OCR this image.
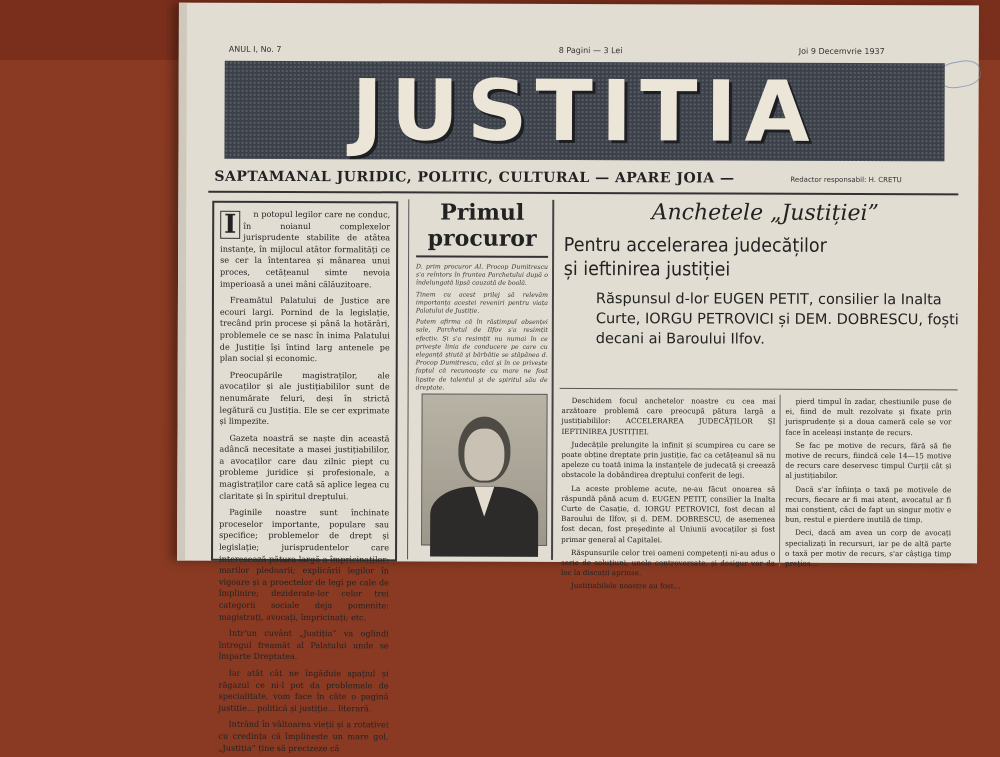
ANUL I, No. 7	8 Pagini — 3 Lei	Joi 9 Decemvrie 1937
JUSTITIA
SAPTAMANAL JURIDIC, POLITIC, CULTURAL — APARE JOIA —	Redactor responsabil: H. CRETU
I	n potopul legilor care ne conduc, în noianul complexelor jurisprudente stabilite de atâtea instanțe, în mijlocul atâtor formalități ce se cer la întentarea și mânarea unui proces, cetățeanul simte nevoia imperioasă a unei mâni călăuzitoare.

Freamătul Palatului de Justice are ecouri largi. Pornind de la legislație, trecând prin procese și până la hotărâri, problemele ce se nasc în inima Palatului de Justiție își întind larg antenele pe plan social și economic.

Preocupările magistraților, ale avocaților și ale justițiabililor sunt de nenumărate feluri, deși în strictă legătură cu Justiția. Ele se cer exprimate și limpezite.

Gazeta noastră se naște din această adâncă necesitate a masei justițiabililor, a avocaților care dau zilnic piept cu probleme juridice și profesionale, a magistraților care cată să aplice legea cu claritate și în spiritul dreptului.

Paginile noastre sunt închinate proceselor importante, populare sau specifice; problemelor de drept și legislație; jurisprudentelor care interesează pătura largă a împricinaților; marilor pledoarii; explicării legilor în vigoare și a proectelor de legi pe cale de împlinire; deziderate-lor celor trei categorii sociale deja pomenite: magistrați, avocați, împricinați; etc.

Intr'un cuvânt „Justiția” va oglindi întregul freamăt al Palatului unde se împarte Dreptatea.

Iar atât cât ne îngăduie spațiul și răgazul ce ni-l pot da problemele de specialitate, vom face în câte o pagină justiție... politică și justiție... literară.

Intrând în vâltoarea vieții și a rotativei cu credința că împlinește un mare gol, „Justiția” ține să precizeze că

Primul procuror

D. prim procuror Al. Procop Dumitrescu s'a reîntors în fruntea Parchetului după o îndelungată lipsă cauzată de boală.

Tinem cu acest prilej să relevăm importanța acestei reveniri pentru viața Palatului de Justiție.

Putem afirma că în răstimpul absenței sale, Parchetul de Ilfov s'a resimțit efectiv. Și s'a resimțit nu numai în ce privește linia de conducere pe care cu eleganță știută și bărbătie se stăpânea d. Procop Dumitrescu, căci și în ce privește faptul că recunoaște cu mare ne fost lipsite de talentul și de spiritul său de dreptate.

Anchetele „Justiției”
Pentru accelerarea judecăților
și ieftinirea justiției
Răspunsul d-lor EUGEN PETIT, consilier la Inalta Curte, IORGU PETROVICI și DEM. DOBRESCU, foști decani ai Baroului Ilfov.

Deschidem focul anchetelor noastre cu cea mai arzătoare problemă care preocupă pătura largă a justițiabililor: ACCELERAREA JUDECĂȚILOR ȘI IEFTINIREA JUSTIȚIEI.

Judecățile prelungite la infinit și scumpirea cu care se poate obține dreptate prin justiție, fac ca cetățeanul să nu apeleze cu toată inima la instanțele de judecată și creează obstacole la dobândirea dreptului conferit de legi.

La aceste probleme acute, ne-au făcut onoarea să răspundă până acum d. EUGEN PETIT, consilier la Inalta Curte de Casație, d. IORGU PETROVICI, fost decan al Baroului de Ilfov, și d. DEM. DOBRESCU, de asemenea fost decan, fost președinte al Uniunii avocaților și fost primar general al Capitalei.

Răspunsurile celor trei oameni competenți ni-au adus o serie de soluțiuni, unele controversate, și desigur vor da loc la discuții aprinse.

Justițiabilele noastre au fost...

pierd timpul în zadar, chestiunile puse de ei, fiind de mult rezolvate și fixate prin jurisprudențe și a doua cameră cele se vor face în aceleași instanțe de recurs.

Se fac pe motive de recurs, fără să fie motive de recurs, fiindcă cele 14—15 motive de recurs care deservesc timpul Curții cât și al justițiabilor.

Dacă s'ar înființa o taxă pe motivele de recurs, fiecare ar fi mai atent, avocatul ar fi mai conștient, căci de fapt un singur motiv e bun, restul e pierdere inutilă de timp.

Deci, dacă am avea un corp de avocați specializați în recursuri, iar pe de altă parte o taxă per motiv de recurs, s'ar câștiga timp prețios...
